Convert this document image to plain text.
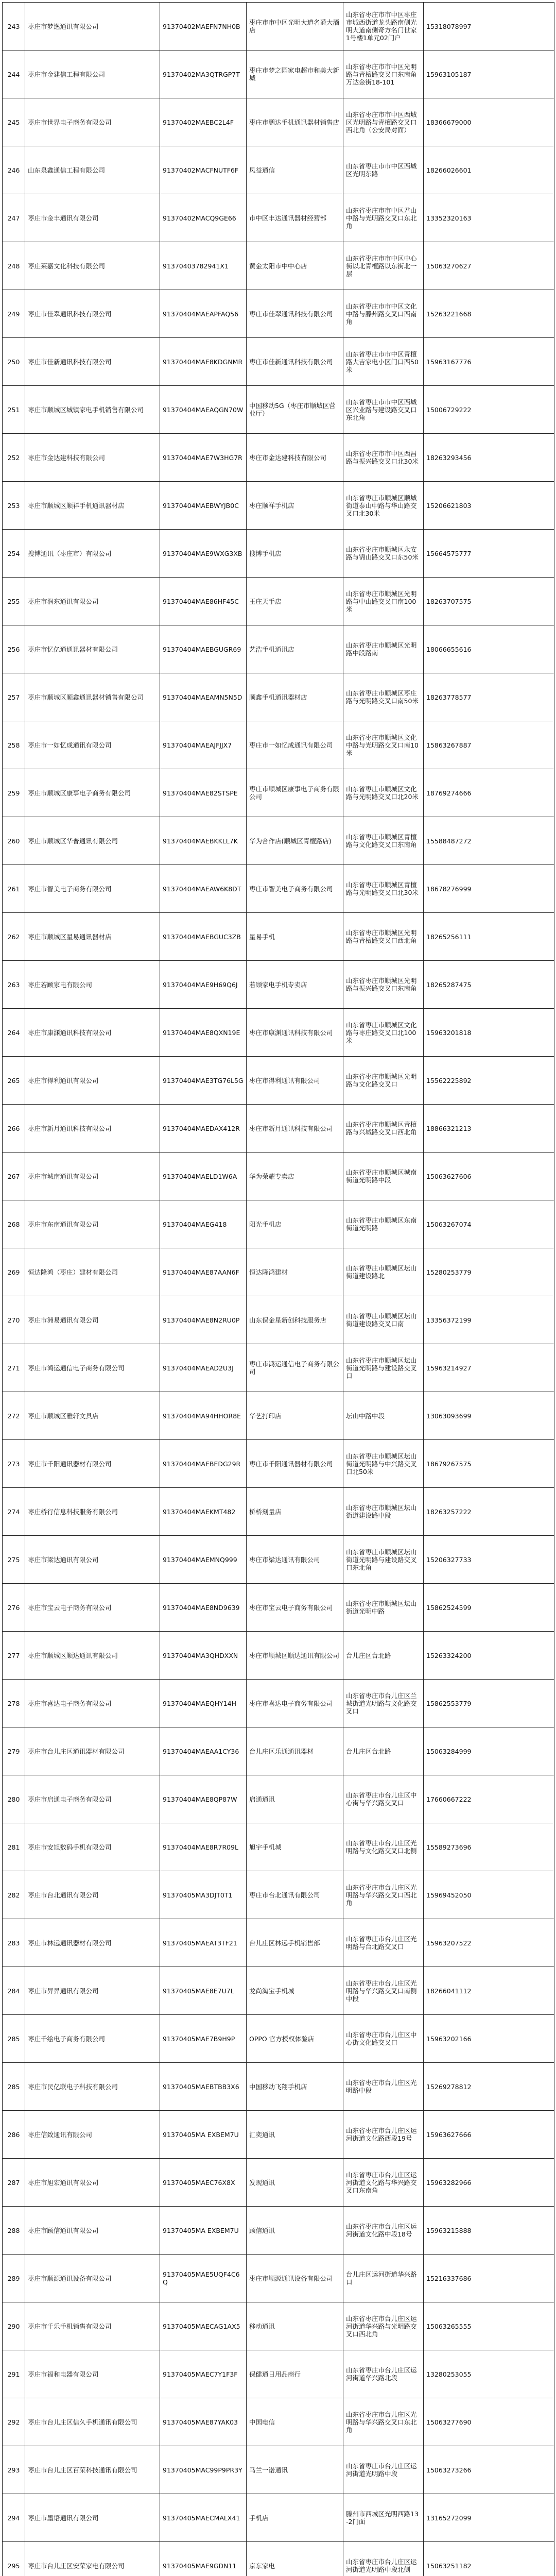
243	枣庄市梦逸通讯有限公司	91370402MAEFN7NH0B	枣庄市市中区光明大道名爵大酒店	山东省枣庄市市中区枣庄市城西街道龙头路南侧光明大道南侧奇方名门世家1号楼1单元02门户	15318078997
244	枣庄市金建信工程有限公司	91370402MA3QTRGP7T	枣庄市梦之园家电超市和美大新城	山东省枣庄市市中区光明路与青檀路交叉口东南角万达金街18-101	15963105187
245	枣庄市世界电子商务有限公司	91370402MAEBC2L4F	枣庄市鹏达手机通讯器材销售店	山东省枣庄市市中区西城区光明路与青檀路交叉口西北角（公安局对面）	18366679000
246	山东泉鑫通信工程有限公司	91370402MACFNUTF6F	凤益通信	山东省枣庄市市中区西城区光明东路	18266026601
247	枣庄市金丰通讯有限公司	91370402MACQ9GE66	市中区丰达通讯器材经营部	山东省枣庄市市中区君山中路与光明路交叉口东北角	13352320163
248	枣庄莱嘉文化科技有限公司	91370403782941X1	黄金太阳市中中心店	山东省枣庄市市中区中心街以北青檀路以东街北一层	15063270627
249	枣庄市佳翠通讯科技有限公司	91370404MAEAPFAQ56	枣庄市佳翠通讯科技有限公司	山东省枣庄市市中区文化中路与滕州路交叉口西南角	15263221668
250	枣庄市佳新通讯科技有限公司	91370404MAE8KDGNMR	枣庄市佳新通讯科技有限公司	山东省枣庄市市中区青檀路大吉家电小区门口西50米	15963167776
251	枣庄市顺城区城镇家电手机销售有限公司	91370404MAEAQGN70W	中国移动5G（枣庄市顺城区营业厅）	山东省枣庄市市中区西城区兴业路与建设路交叉口东北角	15006729222
252	枣庄市金达建科技有限公司	91370404MAE7W3HG7R	枣庄市金达建科技有限公司	山东省枣庄市市中区西昌路与振兴路交叉口北30米	18263293456
253	枣庄市顺城区顺祥手机通讯器材店	91370404MAEBWYJB0C	枣庄顺祥手机店	山东省枣庄市顺城区顺城街道泰山中路与华山路交叉口北30米	15206621803
254	搜博通讯（枣庄市）有限公司	91370404MAE9WXG3XB	搜博手机店	山东省枣庄市顺城区永安路与锦山路交叉口东50米	15664575777
255	枣庄市润东通讯有限公司	91370404MAE86HF45C	王庄天手店	山东省枣庄市顺城区光明路与中山路交叉口南100米	18263707575
256	枣庄市忆亿通通讯器材有限公司	91370404MAEBGUGR69	艺浩手机通讯店	山东省枣庄市顺城区光明路中段路南	18066655616
257	枣庄市顺城区顺鑫通讯器材销售有限公司	91370404MAEAMN5N5D	顺鑫手机通讯器材店	山东省枣庄市顺城区枣庄路与光明路交叉口南50米	18263778577
258	枣庄市一如忆成通讯有限公司	91370404MAEAJFJJX7	枣庄市一如忆成通讯有限公司	山东省枣庄市顺城区文化中路与光明路交叉口南10米	15863267887
259	枣庄市顺城区康事电子商务有限公司	91370404MAE82STSPE	枣庄市顺城区康事电子商务有限公司	山东省枣庄市顺城区文化路与光明路交叉口北20米	18769274666
260	枣庄市顺城区华普通讯有限公司	91370404MAEBKKLL7K	华为合作店(顺城区青檀路店)	山东省枣庄市顺城区青檀路与文化路交叉口东南角	15588487272
261	枣庄市智美电子商务有限公司	91370404MAEAW6K8DT	枣庄市智美电子商务有限公司	山东省枣庄市顺城区青檀路与光明路交叉口北30米	18678276999
262	枣庄市顺城区星易通讯器材店	91370404MAEBGUC3ZB	星易手机	山东省枣庄市顺城区光明路与青檀路交叉口西北角	18265256111
263	枣庄若顾家电有限公司	91370404MAE9H69Q6J	若顾家电手机专卖店	山东省枣庄市顺城区光明路与振兴路交叉口东南角	18265287475
264	枣庄市康渊通讯科技有限公司	91370404MAE8QXN19E	枣庄市康渊通讯科技有限公司	山东省枣庄市顺城区文化路与枣庄路交叉口北100米	15963201818
265	枣庄市得利通讯有限公司	91370404MAE3TG76L5G	枣庄市得利通讯有限公司	山东省枣庄市顺城区光明路与文化路交叉口	15562225892
266	枣庄市新月通讯科技有限公司	91370404MAEDAX412R	枣庄市新月通讯科技有限公司	山东省枣庄市顺城区青檀路与兴城路交叉口西北角	18866321213
267	枣庄市城南通讯有限公司	91370404MAELD1W6A	华为荣耀专卖店	山东省枣庄市顺城区城南街道光明路中段	15063627606
268	枣庄市东南通讯有限公司	91370404MAEG418	阳光手机店	山东省枣庄市顺城区东南街道光明路	15063267074
269	恒达隆鸿（枣庄）建材有限公司	91370404MAE87AAN6F	恒达隆鸿建材	山东省枣庄市顺城区坛山街道建设路北	15280253779
270	枣庄市洲易通讯有限公司	91370404MAE8N2RU0P	山东保金星新创科技服务店	山东省枣庄市顺城区坛山街道建设路交叉口南	13356372199
271	枣庄市鸿运通信电子商务有限公司	91370404MAEAD2U3J	枣庄市鸿运通信电子商务有限公司	山东省枣庄市顺城区坛山街道光明路与建设路交叉口	15963214927
272	枣庄市顺城区雅轩文具店	91370404MA94HHOR8E	华艺打印店	坛山中路中段	13063093699
273	枣庄市千阳通讯器材有限公司	91370404MAEBEDG29R	枣庄市千阳通讯器材有限公司	山东省枣庄市顺城区坛山街道光明路与中兴路交叉口北50米	18679267575
274	枣庄桥行信息科技服务有限公司	91370404MAEKMT482	桥桥刻量店	山东省枣庄市顺城区坛山街道建设路中段	18263257222
275	枣庄市梁达通讯有限公司	91370404MAEMNQ999	枣庄市梁达通讯有限公司	山东省枣庄市顺城区坛山街道光明路与建设路交叉口东北角	15206327733
276	枣庄市宝云电子商务有限公司	91370404MAE8ND9639	枣庄市宝云电子商务有限公司	山东省枣庄市顺城区坛山街道光明中路	15862524599
277	枣庄市顺城区顺达通讯有限公司	91370404MA3QHDXXN	枣庄市顺城区顺达通讯有限公司	台儿庄区台北路	15263324200
278	枣庄市喜达电子商务有限公司	91370404MAEQHY14H	枣庄市喜达电子商务有限公司	山东省枣庄市台儿庄区兰城街道光明路与文化路交叉口	15862553779
279	枣庄市台儿庄区通讯器材有限公司	91370404MAEAA1CY36	台儿庄区乐通通讯器材	台儿庄区台北路	15063284999
280	枣庄市启通电子商务有限公司	91370404MAE8QP87W	启通通讯	山东省枣庄市台儿庄区中心街与华兴路交叉口	17660667222
281	枣庄市安旭数码手机有限公司	91370404MAE8R7R09L	旭宇手机城	山东省枣庄市台儿庄区光明路与文化路交叉口北侧	15589273696
282	枣庄市台北通讯有限公司	91370405MA3DJT0T1	枣庄市台北通讯有限公司	山东省枣庄市台儿庄区光明路与华兴路交叉口西北角	15969452050
283	枣庄市林远通讯器材有限公司	91370405MAEAT3TF21	台儿庄区林远手机销售部	山东省枣庄市台儿庄区光明路与台北路交叉口	15963207522
284	枣庄市昇昇通讯有限公司	91370405MAE8E7U7L	龙尚淘宝手机城	山东省枣庄市台儿庄区光明路与华兴路交叉口南侧中段	18266041112
285	枣庄千绘电子商务有限公司	91370405MAE7B9H9P	OPPO 官方授权体验店	山东省枣庄市台儿庄区中心街文化路交叉口	15963202166
285	枣庄市民亿联电子科技有限公司	91370405MAEBTBB3X6	中国移动飞翔手机店	山东省枣庄市台儿庄区光明路中段	15269278812
286	枣庄信致通讯有限公司	91370405MA EXBEM7U	汇奕通讯	山东省枣庄市台儿庄区运河街道文化路西段19号	15963627666
287	枣庄市旭宏通讯有限公司	91370405MAEC76X8X	发现通讯	山东省枣庄市台儿庄区运河街道文化路与华兴路交叉口东南角	15963282966
288	枣庄市顾信通讯有限公司	91370405MA EXBEM7U	顾信通讯	山东省枣庄市台儿庄区运河街道文化路中段18号	15963215888
289	枣庄市顺源通讯设备有限公司	91370405MAE5UQF4C6Q	枣庄市顺源通讯设备有限公司	台儿庄区运河街道华兴路口	15216337686
290	枣庄市千乐手机销售有限公司	91370405MAECAG1AX5	移动通讯	山东省枣庄市台儿庄区运河街道华兴路与光明路交叉口西北角	15063265555
291	枣庄市福和电器有限公司	91370405MAEC7Y1F3F	保健通日用品商行	山东省枣庄市台儿庄区运河街道华兴路北段	13280253055
292	枣庄市台儿庄区信久手机通讯有限公司	91370405MAE87YAK03	中国电信	山东省枣庄市台儿庄区光明路与华兴路交叉口东北角	15063277690
293	枣庄市台儿庄区百荣科技通讯有限公司	91370405MAC99P9PR3Y	马兰一诺通讯	山东省枣庄市台儿庄区运河街道光明路中段	15063273266
294	枣庄市墨语通讯有限公司	91370405MAECMALX41	手机店	滕州市西城区光明西路13-2门面	13165272099
295	枣庄市台儿庄区安荣家电有限公司	91370405MAE9GDN11	京东家电	山东省枣庄市台儿庄区运河街道光明路中段北侧	15063251182
